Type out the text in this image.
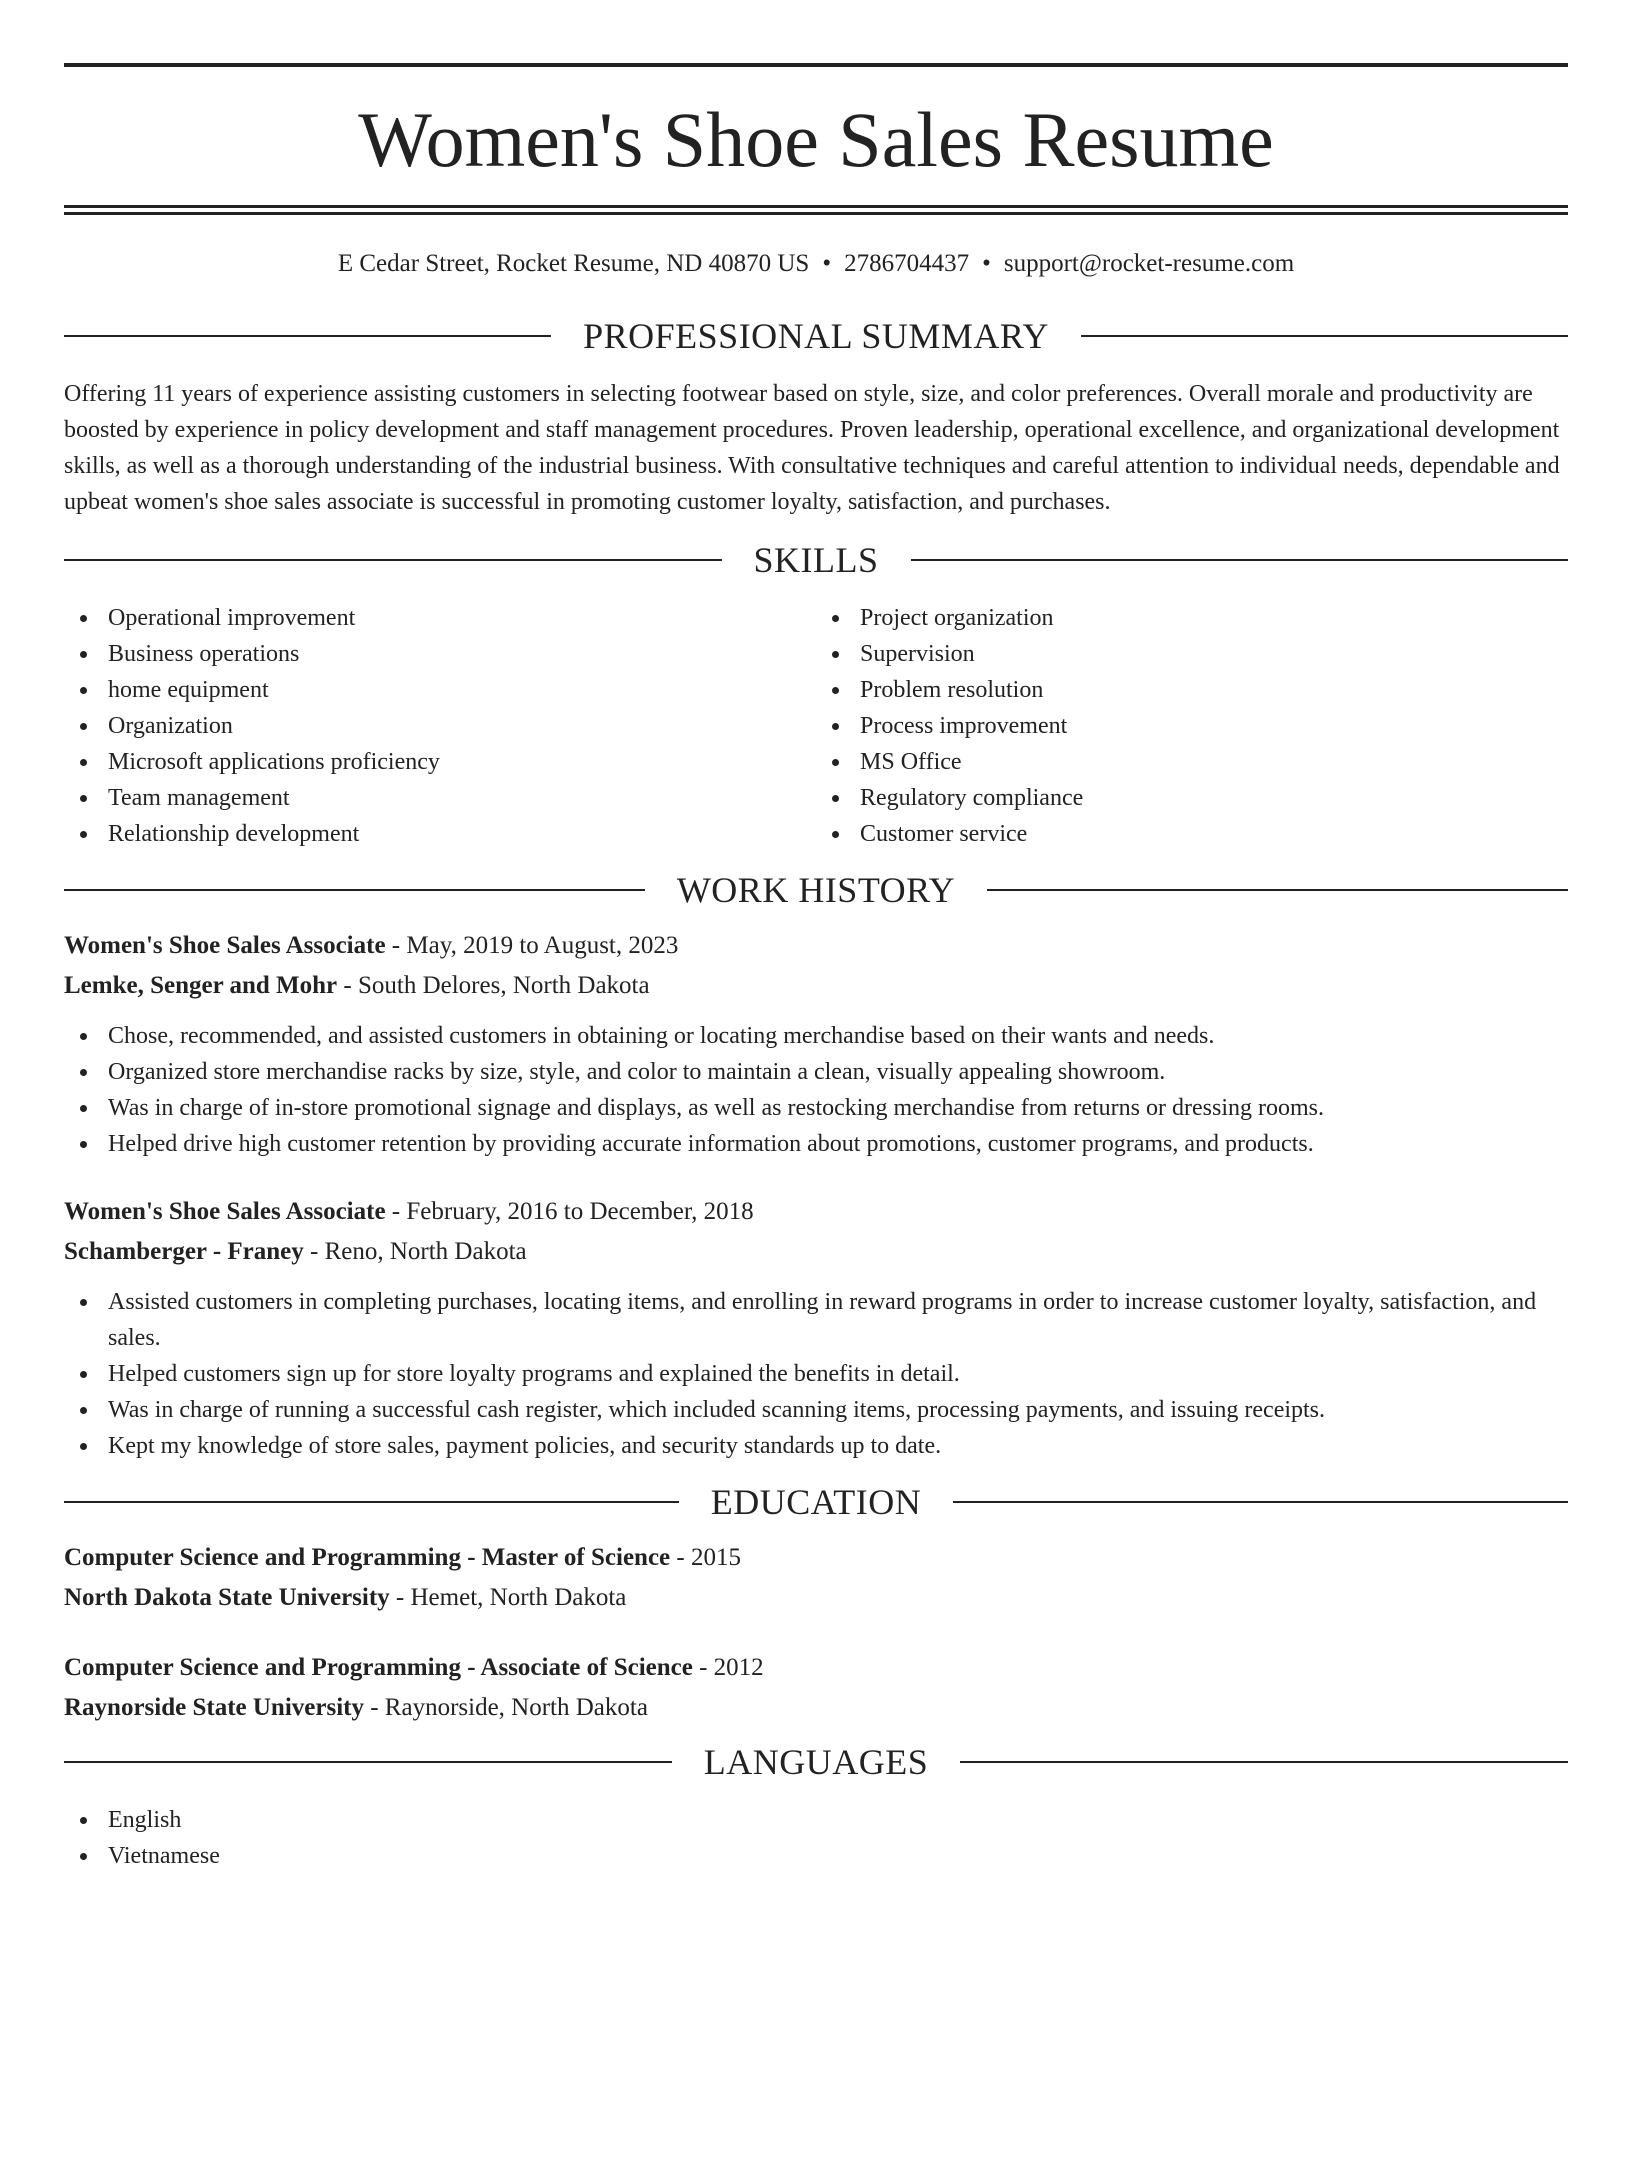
Women's Shoe Sales Resume
E Cedar Street, Rocket Resume, ND 40870 US • 2786704437 • support@rocket-resume.com
PROFESSIONAL SUMMARY

Offering 11 years of experience assisting customers in selecting footwear based on style, size, and color preferences. Overall morale and productivity are boosted by experience in policy development and staff management procedures. Proven leadership, operational excellence, and organizational development skills, as well as a thorough understanding of the industrial business. With consultative techniques and careful attention to individual needs, dependable and upbeat women's shoe sales associate is successful in promoting customer loyalty, satisfaction, and purchases.

SKILLS
Operational improvement
Business operations
home equipment
Organization
Microsoft applications proficiency
Team management
Relationship development
Project organization
Supervision
Problem resolution
Process improvement
MS Office
Regulatory compliance
Customer service
WORK HISTORY
Women's Shoe Sales Associate - May, 2019 to August, 2023
Lemke, Senger and Mohr - South Delores, North Dakota
Chose, recommended, and assisted customers in obtaining or locating merchandise based on their wants and needs.
Organized store merchandise racks by size, style, and color to maintain a clean, visually appealing showroom.
Was in charge of in-store promotional signage and displays, as well as restocking merchandise from returns or dressing rooms.
Helped drive high customer retention by providing accurate information about promotions, customer programs, and products.
Women's Shoe Sales Associate - February, 2016 to December, 2018
Schamberger - Franey - Reno, North Dakota
Assisted customers in completing purchases, locating items, and enrolling in reward programs in order to increase customer loyalty, satisfaction, and sales.
Helped customers sign up for store loyalty programs and explained the benefits in detail.
Was in charge of running a successful cash register, which included scanning items, processing payments, and issuing receipts.
Kept my knowledge of store sales, payment policies, and security standards up to date.
EDUCATION
Computer Science and Programming - Master of Science - 2015
North Dakota State University - Hemet, North Dakota
Computer Science and Programming - Associate of Science - 2012
Raynorside State University - Raynorside, North Dakota
LANGUAGES
English
Vietnamese
